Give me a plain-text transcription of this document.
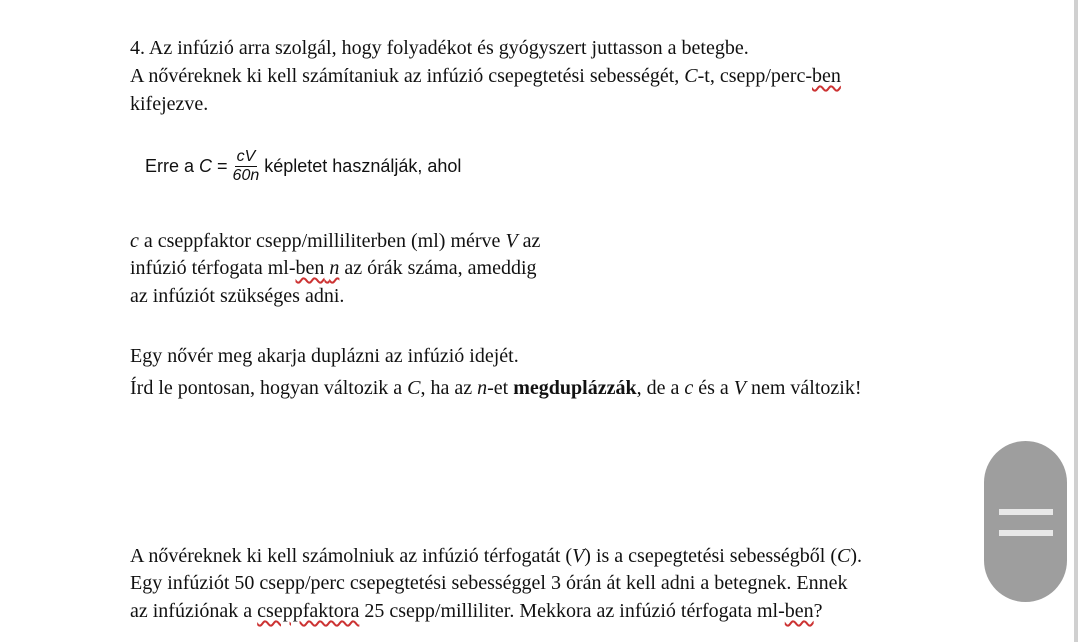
4. Az infúzió arra szolgál, hogy folyadékot és gyógyszert juttasson a betegbe.
A nővéreknek ki kell számítaniuk az infúzió csepegtetési sebességét, C-t, csepp/perc-ben
kifejezve.
Erre a $C = \frac{cV}{60n}$ képletet használják, ahol
c a cseppfaktor csepp/milliliterben (ml) mérve V az
infúzió térfogata ml-ben n az órák száma, ameddig
az infúziót szükséges adni.
Egy nővér meg akarja duplázni az infúzió idejét.
Írd le pontosan, hogyan változik a C, ha az n-et megduplázzák, de a c és a V nem változik!
A nővéreknek ki kell számolniuk az infúzió térfogatát (V) is a csepegtetési sebességből (C).
Egy infúziót 50 csepp/perc csepegtetési sebességgel 3 órán át kell adni a betegnek. Ennek
az infúziónak a cseppfaktora 25 csepp/milliliter. Mekkora az infúzió térfogata ml-ben?
